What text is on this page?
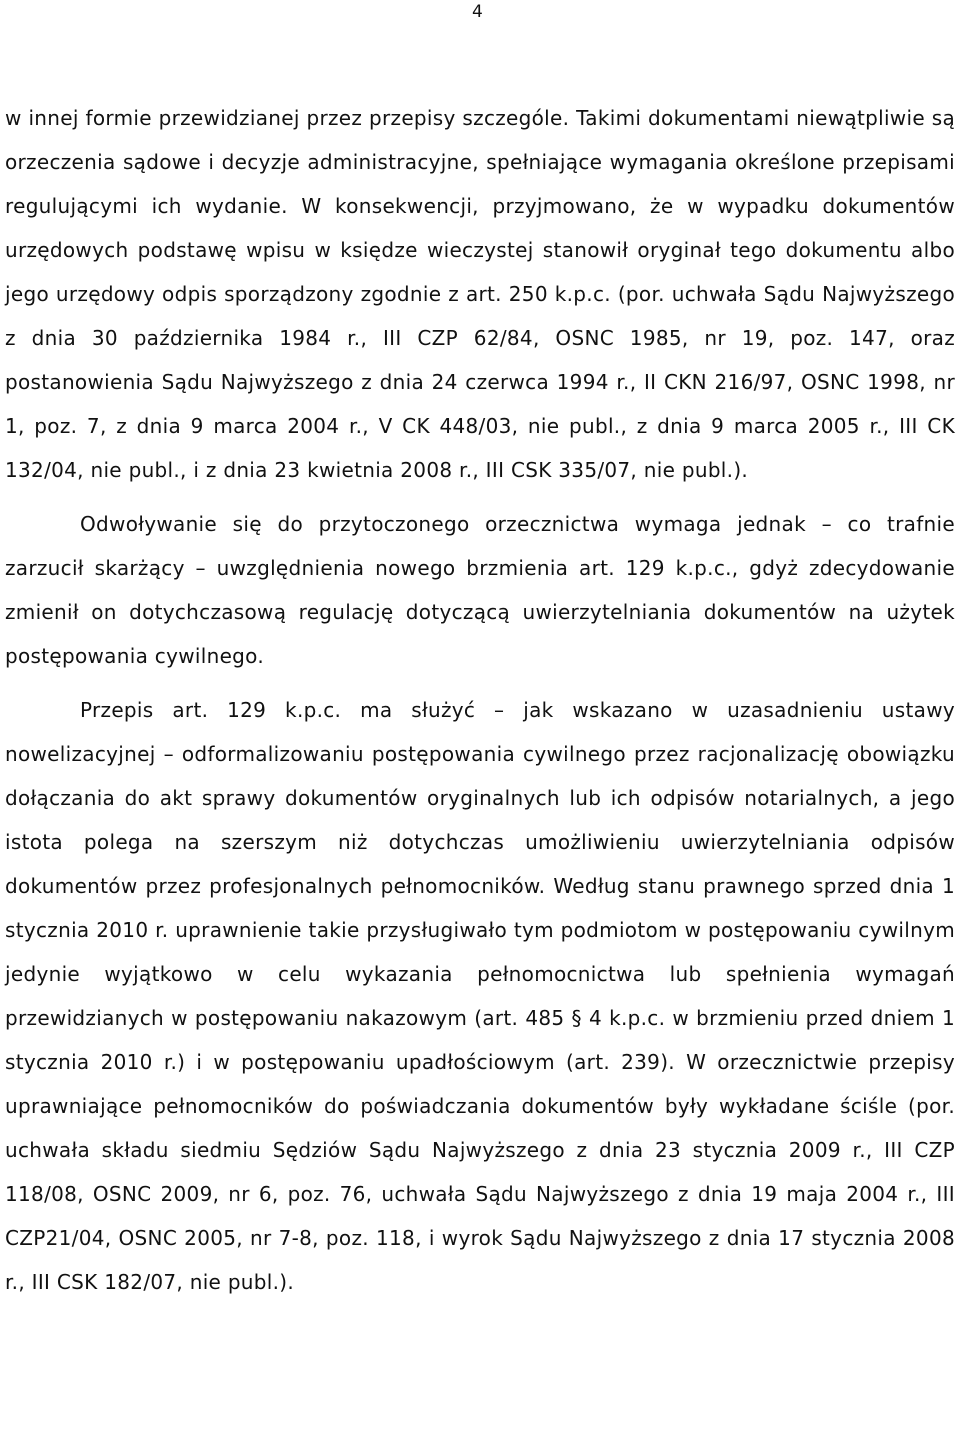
4

w innej formie przewidzianej przez przepisy szczególe. Takimi dokumentami niewątpliwie są orzeczenia sądowe i decyzje administracyjne, spełniające wymagania określone przepisami regulującymi ich wydanie. W konsekwencji, przyjmowano, że w wypadku dokumentów urzędowych podstawę wpisu w księdze wieczystej stanowił oryginał tego dokumentu albo jego urzędowy odpis sporządzony zgodnie z art. 250 k.p.c. (por. uchwała Sądu Najwyższego z dnia 30 października 1984 r., III CZP 62/84, OSNC 1985, nr 19, poz. 147, oraz postanowienia Sądu Najwyższego z dnia 24 czerwca 1994 r., II CKN 216/97, OSNC 1998, nr 1, poz. 7, z dnia 9 marca 2004 r., V CK 448/03, nie publ., z dnia 9 marca 2005 r., III CK 132/04, nie publ., i z dnia 23 kwietnia 2008 r., III CSK 335/07, nie publ.).

Odwoływanie się do przytoczonego orzecznictwa wymaga jednak – co trafnie zarzucił skarżący – uwzględnienia nowego brzmienia art. 129 k.p.c., gdyż zdecydowanie zmienił on dotychczasową regulację dotyczącą uwierzytelniania dokumentów na użytek postępowania cywilnego.

Przepis art. 129 k.p.c. ma służyć – jak wskazano w uzasadnieniu ustawy nowelizacyjnej – odformalizowaniu postępowania cywilnego przez racjonalizację obowiązku dołączania do akt sprawy dokumentów oryginalnych lub ich odpisów notarialnych, a jego istota polega na szerszym niż dotychczas umożliwieniu uwierzytelniania odpisów dokumentów przez profesjonalnych pełnomocników. Według stanu prawnego sprzed dnia 1 stycznia 2010 r. uprawnienie takie przysługiwało tym podmiotom w postępowaniu cywilnym jedynie wyjątkowo w celu wykazania pełnomocnictwa lub spełnienia wymagań przewidzianych w postępowaniu nakazowym (art. 485 § 4 k.p.c. w brzmieniu przed dniem 1 stycznia 2010 r.) i w postępowaniu upadłościowym (art. 239). W orzecznictwie przepisy uprawniające pełnomocników do poświadczania dokumentów były wykładane ściśle (por. uchwała składu siedmiu Sędziów Sądu Najwyższego z dnia 23 stycznia 2009 r., III CZP 118/08, OSNC 2009, nr 6, poz. 76, uchwała Sądu Najwyższego z dnia 19 maja 2004 r., III CZP21/04, OSNC 2005, nr 7-8, poz. 118, i wyrok Sądu Najwyższego z dnia 17 stycznia 2008 r., III CSK 182/07, nie publ.).
